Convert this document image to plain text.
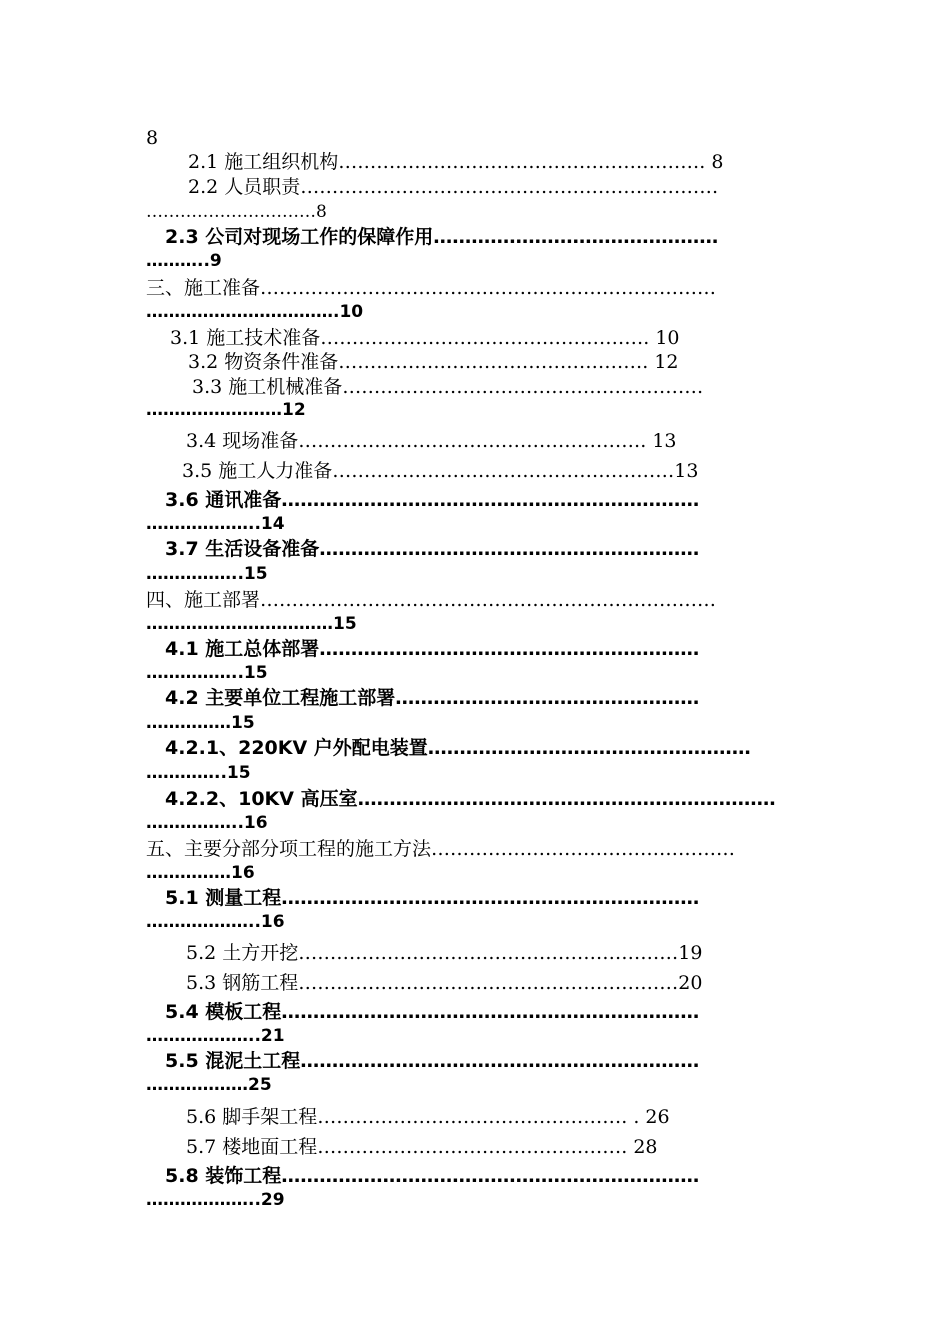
8
2.1 施工组织机构…………………………………………………. 8
2.2 人员职责…………………………………………………………
…………………………8
2.3 公司对现场工作的保障作用………………………………………
………..9
三、施工准备………………………………………………………………
…………………………….10
3.1 施工技术准备……………………………………………. 10
3.2 物资条件准备…………………………………………. 12
3.3 施工机械准备…………………………………………………
……………………12
3.4 现场准备………………………………………………. 13
3.5 施工人力准备………………………………………………13
3.6 通讯准备…………………………………………………………
………………..14
3.7 生活设备准备……………………………………………………
……………..15
四、施工部署………………………………………………………………
……………………………15
4.1 施工总体部署……………………………………………………
……………..15
4.2 主要单位工程施工部署…………………………………………
……………15
4.2.1、220KV 户外配电装置……………………………………………
…………..15
4.2.2、10KV 高压室…………………………………………………………
……………..16
五、主要分部分项工程的施工方法…………………………………………
……………16
5.1 测量工程…………………………………………………………
………………..16
5.2 土方开挖……………………………………………………19
5.3 钢筋工程……………………………………………………20
5.4 模板工程…………………………………………………………
………………..21
5.5 混泥土工程………………………………………………………
………………25
5.6 脚手架工程…………………………………………. . 26
5.7 楼地面工程…………………………………………. 28
5.8 装饰工程…………………………………………………………
………………..29
